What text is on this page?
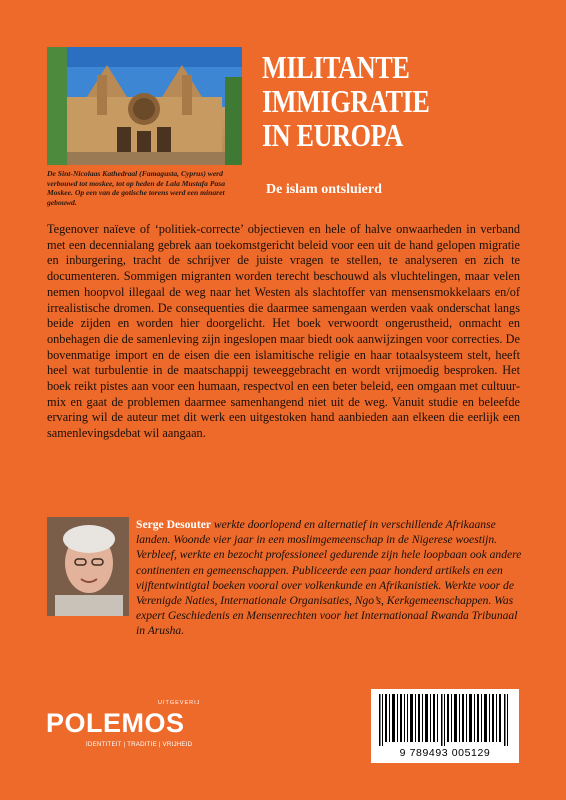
De Sint-Nicolaas Kathedraal (Famagusta, Cyprus) werd verbouwd tot moskee, tot op heden de Lala Mustafa Pasa Moskee. Op een van de gotische torens werd een minaret gebouwd.
MILITANTE
IMMIGRATIE
IN EUROPA
De islam ontsluierd
Tegenover naïeve of ‘politiek-correcte’ objectieven en hele of halve onwaarheden in verband met een decennialang gebrek aan toekomstgericht beleid voor een uit de hand gelopen migratie en inburgering, tracht de schrijver de juiste vragen te stellen, te analyseren en zich te documenteren. Sommigen migranten worden terecht beschouwd als vluchtelingen, maar velen nemen hoopvol illegaal de weg naar het Westen als slachtoffer van mensensmokkelaars en/of irrealistische dromen. De consequenties die daarmee samengaan werden vaak onderschat langs beide zijden en worden hier doorgelicht. Het boek verwoordt ongerustheid, onmacht en onbehagen die de samenleving zijn ingeslopen maar biedt ook aanwijzingen voor correcties. De bovenmatige import en de eisen die een islamitische religie en haar totaalsysteem stelt, heeft heel wat turbulentie in de maatschappij teweeggebracht en wordt vrijmoedig besproken. Het boek reikt pistes aan voor een humaan, respectvol en een beter beleid, een omgaan met cultuur-mix en gaat de problemen daarmee samenhangend niet uit de weg. Vanuit studie en beleefde ervaring wil de auteur met dit werk een uitgestoken hand aanbieden aan elkeen die eerlijk een samenlevingsdebat wil aangaan.
Serge Desouter werkte doorlopend en alternatief in verschillende Afrikaanse landen. Woonde vier jaar in een moslimgemeenschap in de Nigerese woestijn. Verbleef, werkte en bezocht professioneel gedurende zijn hele loopbaan ook andere continenten en gemeenschappen. Publiceerde een paar honderd artikels en een vijftentwintigtal boeken vooral over volkenkunde en Afrikanistiek. Werkte voor de Verenigde Naties, Internationale Organisaties, Ngo’s, Kerkgemeenschappen. Was expert Geschiedenis en Mensenrechten voor het Internationaal Rwanda Tribunaal in Arusha.
UITGEVERIJ
POLEMOS
IDENTITEIT | TRADITIE | VRIJHEID
9 789493 005129
